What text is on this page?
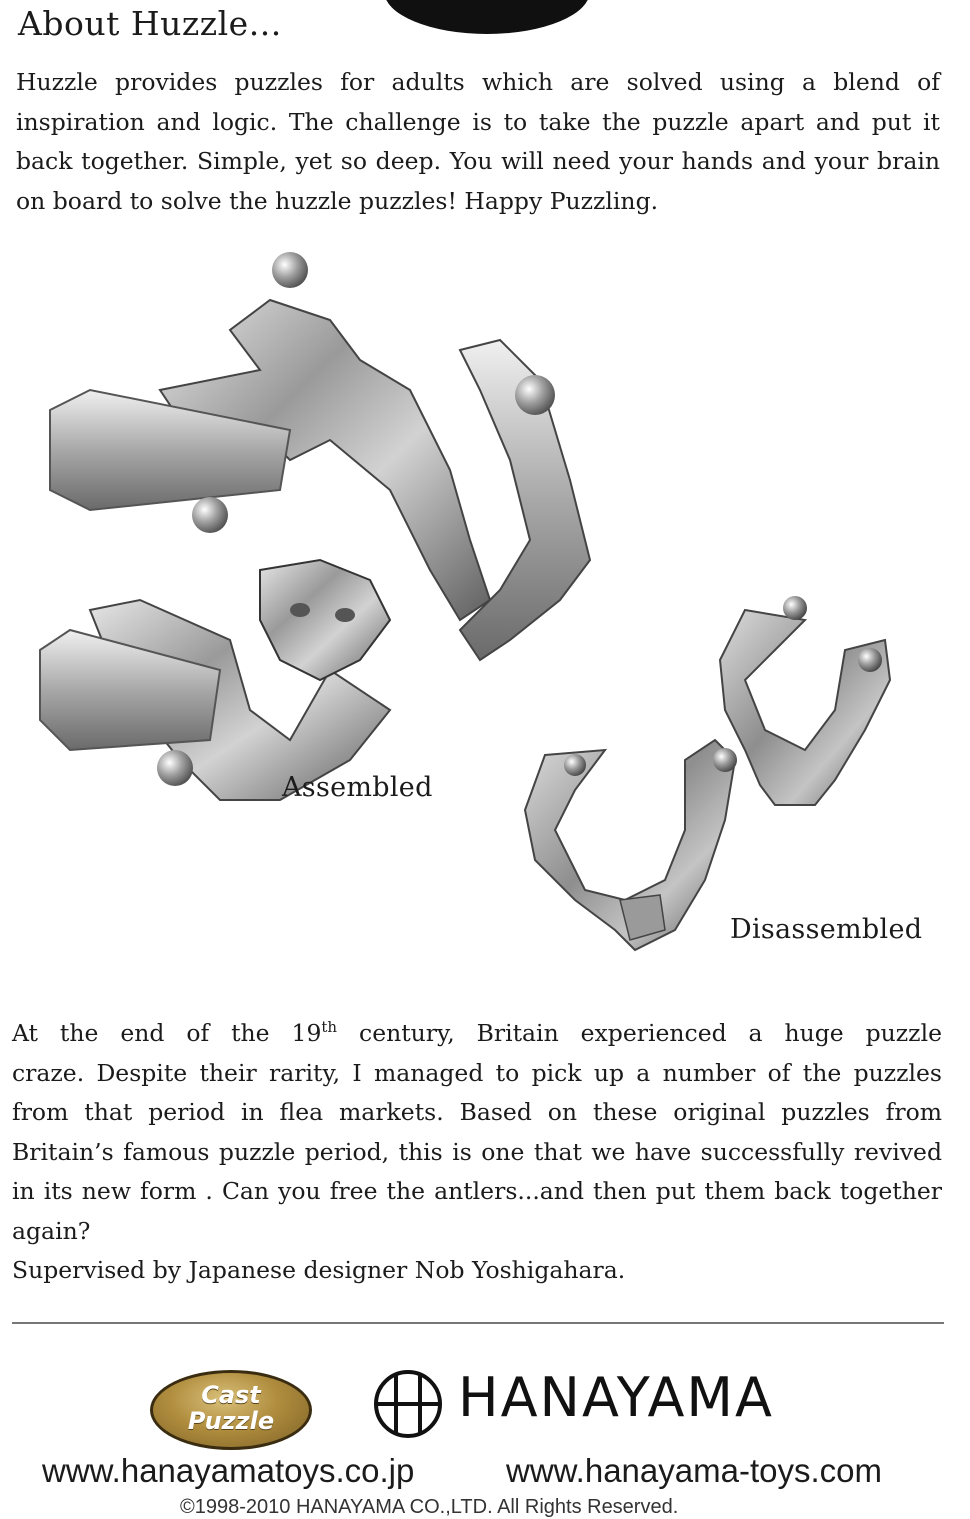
About Huzzle...

Huzzle provides puzzles for adults which are solved using a blend of inspiration and logic. The challenge is to take the puzzle apart and put it back together. Simple, yet so deep. You will need your hands and your brain on board to solve the huzzle puzzles! Happy Puzzling.

Assembled
Disassembled

At the end of the 19th century, Britain experienced a huge puzzle
craze. Despite their rarity, I managed to pick up a number of the puzzles from that period in flea markets. Based on these original puzzles from Britain’s famous puzzle period, this is one that we have successfully revived in its new form . Can you free the antlers...and then put them back together again?
Supervised by Japanese designer Nob Yoshigahara.

Cast
Puzzle	HANAYAMA
www.hanayamatoys.co.jp	www.hanayama-toys.com
©1998-2010 HANAYAMA CO.,LTD. All Rights Reserved.
